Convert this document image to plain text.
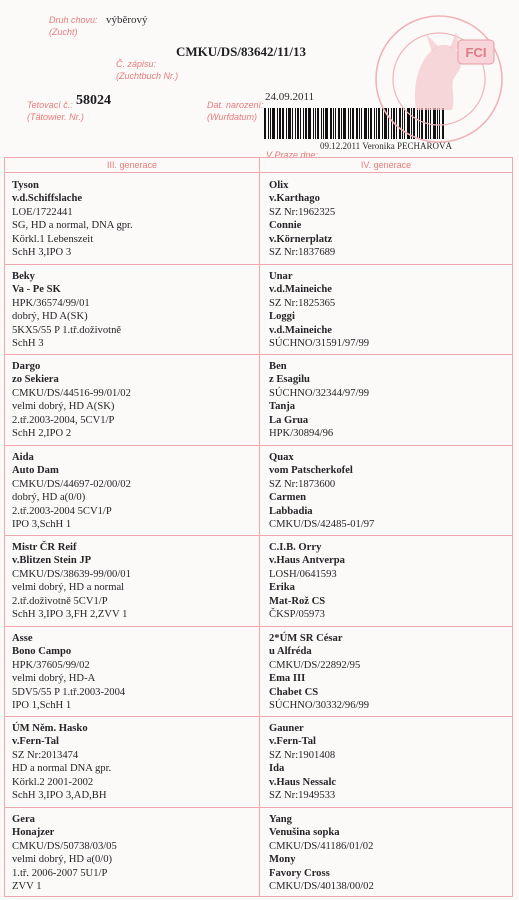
Druh chovu:
(Zucht)
výběrový
Č. zápisu:
(Zuchtbuch Nr.)
CMKU/DS/83642/11/13
Tetovací č.:
(Tätowier. Nr.)
58024	Dat. narození:
(Wurfdatum)
24.09.2011
09.12.2011 Veronika PECHAROVÁ
V Praze dne:
FCI
III. generace	IV. generace
Tyson
v.d.Schiffslache
LOE/1722441
SG, HD a normal, DNA gpr.
Körkl.1 Lebenszeit
SchH 3,IPO 3
Olix
v.Karthago
SZ Nr:1962325
Connie
v.Körnerplatz
SZ Nr:1837689
Beky
Va - Pe SK
HPK/36574/99/01
dobrý, HD A(SK)
5KX5/55 P 1.tř.doživotně
SchH 3
Unar
v.d.Maineiche
SZ Nr:1825365
Loggi
v.d.Maineiche
SÚCHNO/31591/97/99
Dargo
zo Sekiera
CMKU/DS/44516-99/01/02
velmi dobrý, HD A(SK)
2.tř.2003-2004, 5CV1/P
SchH 2,IPO 2
Ben
z Esagilu
SÚCHNO/32344/97/99
Tanja
La Grua
HPK/30894/96
Aida
Auto Dam
CMKU/DS/44697-02/00/02
dobrý, HD a(0/0)
2.tř.2003-2004 5CV1/P
IPO 3,SchH 1
Quax
vom Patscherkofel
SZ Nr:1873600
Carmen
Labbadia
CMKU/DS/42485-01/97
Mistr ČR Reif
v.Blitzen Stein JP
CMKU/DS/38639-99/00/01
velmi dobrý, HD a normal
2.tř.doživotně 5CV1/P
SchH 3,IPO 3,FH 2,ZVV 1
C.I.B. Orry
v.Haus Antverpa
LOSH/0641593
Erika
Mat-Rož CS
ČKSP/05973
Asse
Bono Campo
HPK/37605/99/02
velmi dobrý, HD-A
5DV5/55 P 1.tř.2003-2004
IPO 1,SchH 1
2*ÚM SR César
u Alfréda
CMKU/DS/22892/95
Ema III
Chabet CS
SÚCHNO/30332/96/99
ÚM Něm. Hasko
v.Fern-Tal
SZ Nr:2013474
HD a normal DNA gpr.
Körkl.2 2001-2002
SchH 3,IPO 3,AD,BH
Gauner
v.Fern-Tal
SZ Nr:1901408
Ida
v.Haus Nessalc
SZ Nr:1949533
Gera
Honajzer
CMKU/DS/50738/03/05
velmi dobrý, HD a(0/0)
1.tř. 2006-2007 5U1/P
ZVV 1
Yang
Venušina sopka
CMKU/DS/41186/01/02
Mony
Favory Cross
CMKU/DS/40138/00/02
